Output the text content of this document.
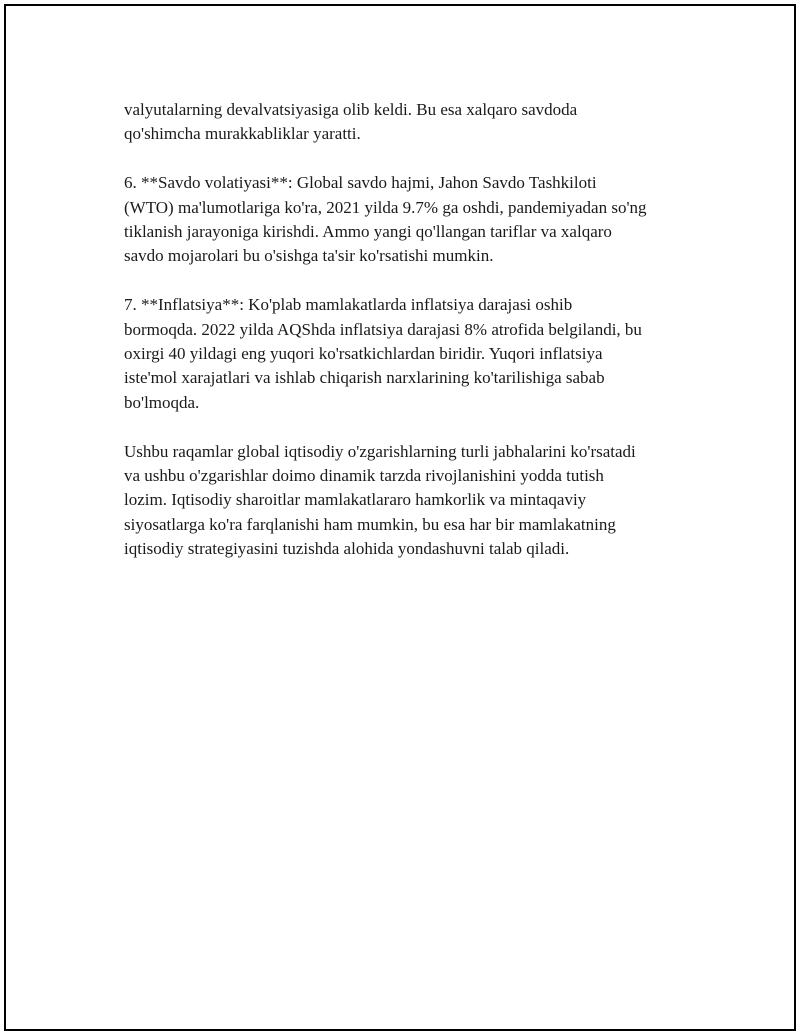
valyutalarning devalvatsiyasiga olib keldi. Bu esa xalqaro savdoda
qo'shimcha murakkabliklar yaratti.

6. **Savdo volatiyasi**: Global savdo hajmi, Jahon Savdo Tashkiloti
(WTO) ma'lumotlariga ko'ra, 2021 yilda 9.7% ga oshdi, pandemiyadan so'ng
tiklanish jarayoniga kirishdi. Ammo yangi qo'llangan tariflar va xalqaro
savdo mojarolari bu o'sishga ta'sir ko'rsatishi mumkin.

7. **Inflatsiya**: Ko'plab mamlakatlarda inflatsiya darajasi oshib
bormoqda. 2022 yilda AQShda inflatsiya darajasi 8% atrofida belgilandi, bu
oxirgi 40 yildagi eng yuqori ko'rsatkichlardan biridir. Yuqori inflatsiya
iste'mol xarajatlari va ishlab chiqarish narxlarining ko'tarilishiga sabab
bo'lmoqda.

Ushbu raqamlar global iqtisodiy o'zgarishlarning turli jabhalarini ko'rsatadi
va ushbu o'zgarishlar doimo dinamik tarzda rivojlanishini yodda tutish
lozim. Iqtisodiy sharoitlar mamlakatlararo hamkorlik va mintaqaviy
siyosatlarga ko'ra farqlanishi ham mumkin, bu esa har bir mamlakatning
iqtisodiy strategiyasini tuzishda alohida yondashuvni talab qiladi.
